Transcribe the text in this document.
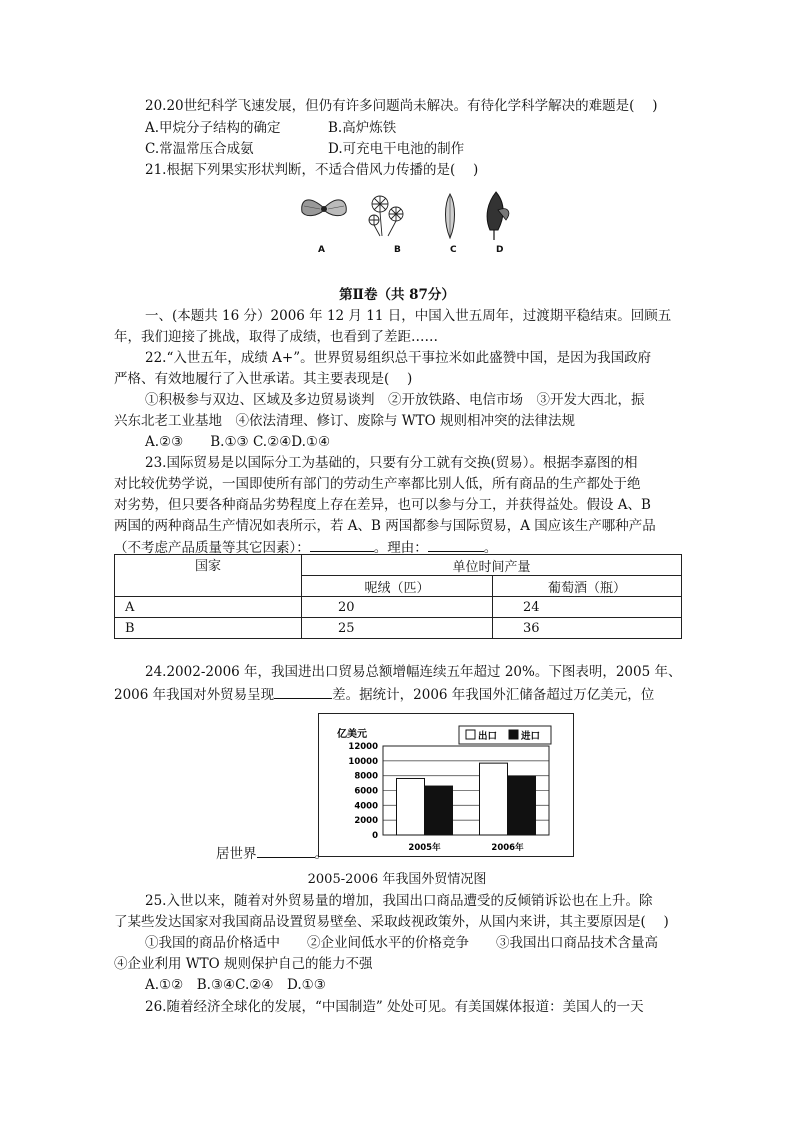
20.20世纪科学飞速发展，但仍有许多问题尚未解决。有待化学科学解决的难题是(　 )
A.甲烷分子结构的确定	B.高炉炼铁
C.常温常压合成氨	D.可充电干电池的制作
21.根据下列果实形状判断，不适合借风力传播的是(　 )
A	B	C	D
第Ⅱ卷（共 87分）
一、(本题共 16 分）2006 年 12 月 11 日，中国入世五周年，过渡期平稳结束。回顾五
年，我们迎接了挑战，取得了成绩，也看到了差距……
22.“入世五年，成绩 A+”。世界贸易组织总干事拉米如此盛赞中国，是因为我国政府
严格、有效地履行了入世承诺。其主要表现是(　 )
①积极参与双边、区域及多边贸易谈判　②开放铁路、电信市场　③开发大西北，振
兴东北老工业基地　④依法清理、修订、废除与 WTO 规则相冲突的法律法规
A.②③　　B.①③ C.②④D.①④
23.国际贸易是以国际分工为基础的，只要有分工就有交换(贸易）。根据李嘉图的相
对比较优势学说，一国即使所有部门的劳动生产率都比别人低，所有商品的生产都处于绝
对劣势，但只要各种商品劣势程度上存在差异，也可以参与分工，并获得益处。假设 A、B
两国的两种商品生产情况如表所示，若 A、B 两国都参与国际贸易，A 国应该生产哪种产品
（不考虑产品质量等其它因素）：	。理由：	。
国家	单位时间产量	
	呢绒（匹）	葡萄酒（瓶）
A	20	24
B	25	36
24.2002-2006 年，我国进出口贸易总额增幅连续五年超过 20%。下图表明，2005 年、
2006 年我国对外贸易呈现	差。据统计，2006 年我国外汇储备超过万亿美元，位
亿美元
0
2000
4000
6000
8000
10000
12000
2005年	2006年
出口	进口
居世界	。
2005-2006 年我国外贸情况图
25.入世以来，随着对外贸易量的增加，我国出口商品遭受的反倾销诉讼也在上升。除
了某些发达国家对我国商品设置贸易壁垒、采取歧视政策外，从国内来讲，其主要原因是(　 )
①我国的商品价格适中　　②企业间低水平的价格竞争　　③我国出口商品技术含量高
④企业利用 WTO 规则保护自己的能力不强
A.①②　B.③④C.②④　D.①③
26.随着经济全球化的发展，“中国制造” 处处可见。有美国媒体报道：美国人的一天
